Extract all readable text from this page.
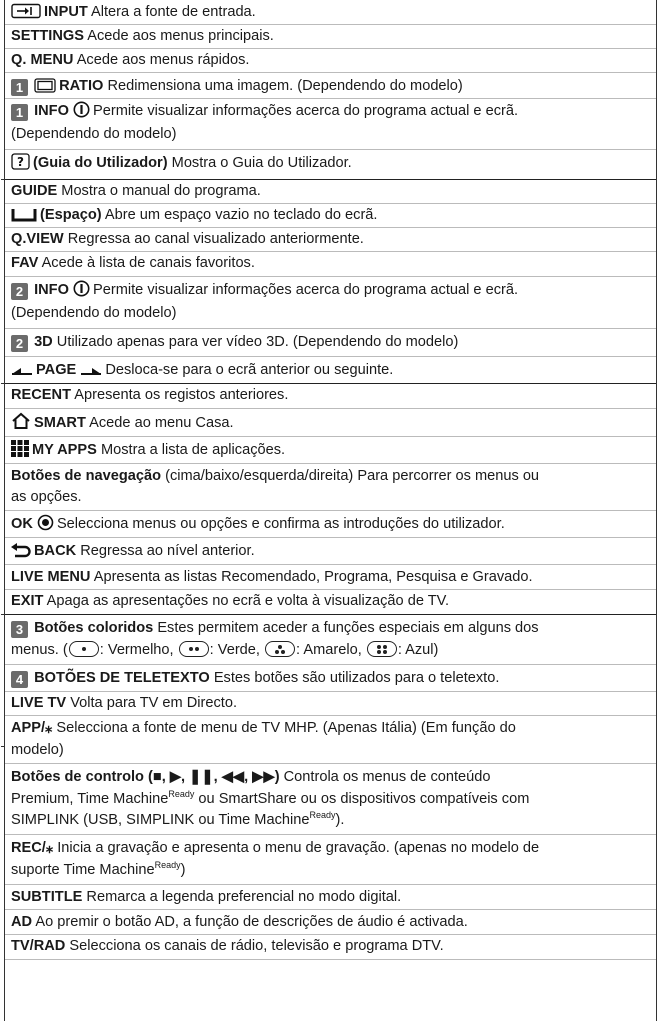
INPUT Altera a fonte de entrada.
SETTINGS Acede aos menus principais.
Q. MENU Acede aos menus rápidos.
1 RATIO Redimensiona uma imagem. (Dependendo do modelo)
1 INFO Permite visualizar informações acerca do programa actual e ecrã.
(Dependendo do modelo)
? (Guia do Utilizador) Mostra o Guia do Utilizador.
GUIDE Mostra o manual do programa.
(Espaço) Abre um espaço vazio no teclado do ecrã.
Q.VIEW Regressa ao canal visualizado anteriormente.
FAV Acede à lista de canais favoritos.
2 INFO Permite visualizar informações acerca do programa actual e ecrã.
(Dependendo do modelo)
2 3D Utilizado apenas para ver vídeo 3D. (Dependendo do modelo)
PAGE Desloca-se para o ecrã anterior ou seguinte.
RECENT Apresenta os registos anteriores.
SMART Acede ao menu Casa.
MY APPS Mostra a lista de aplicações.
Botões de navegação (cima/baixo/esquerda/direita) Para percorrer os menus ou
as opções.
OK Selecciona menus ou opções e confirma as introduções do utilizador.
BACK Regressa ao nível anterior.
LIVE MENU Apresenta as listas Recomendado, Programa, Pesquisa e Gravado.
EXIT Apaga as apresentações no ecrã e volta à visualização de TV.
3 Botões coloridos Estes permitem aceder a funções especiais em alguns dos
menus. ( : Vermelho, : Verde, : Amarelo, : Azul)
4 BOTÕES DE TELETEXTO Estes botões são utilizados para o teletexto.
LIVE TV Volta para TV em Directo.
APP/⁎ Selecciona a fonte de menu de TV MHP. (Apenas Itália) (Em função do
modelo)
Botões de controlo (■, ▶, ❚❚, ◀◀, ▶▶) Controla os menus de conteúdo
Premium, Time Machine$^{Ready}$ ou SmartShare ou os dispositivos compatíveis com
SIMPLINK (USB, SIMPLINK ou Time Machine$^{Ready}$).
REC/⁎ Inicia a gravação e apresenta o menu de gravação. (apenas no modelo de
suporte Time Machine$^{Ready}$)
SUBTITLE Remarca a legenda preferencial no modo digital.
AD Ao premir o botão AD, a função de descrições de áudio é activada.
TV/RAD Selecciona os canais de rádio, televisão e programa DTV.
